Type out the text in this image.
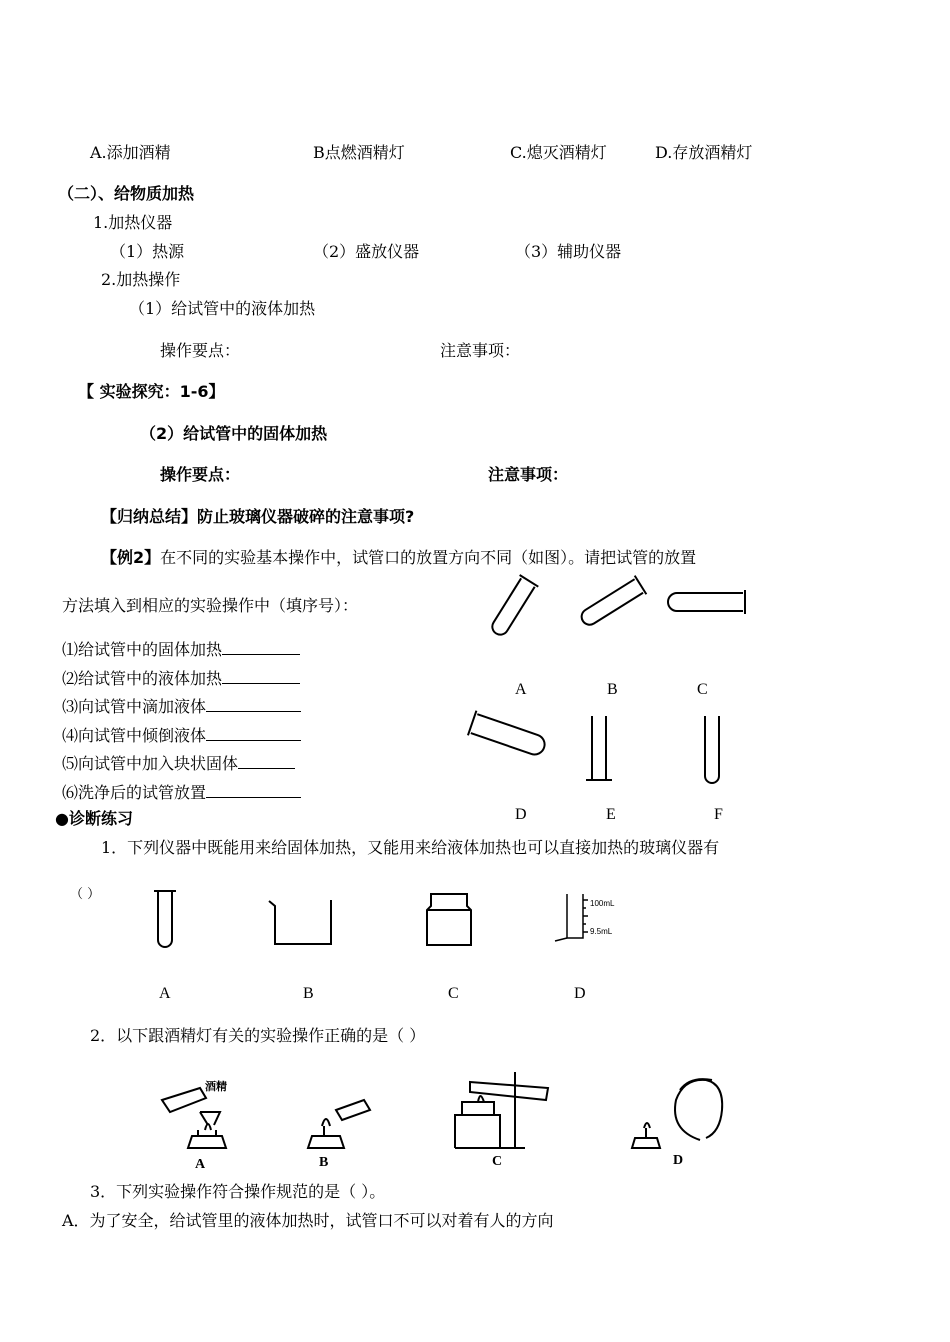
A.添加酒精	B点燃酒精灯	C.熄灭酒精灯	D.存放酒精灯
（二）、给物质加热
1.加热仪器
（1）热源	（2）盛放仪器	（3）辅助仪器
2.加热操作
（1）给试管中的液体加热
操作要点：	注意事项：
【 实验探究：1-6】
（2）给试管中的固体加热
操作要点：	注意事项：
【归纳总结】防止玻璃仪器破碎的注意事项?
【例2】在不同的实验基本操作中，试管口的放置方向不同（如图）。请把试管的放置
方法填入到相应的实验操作中（填序号）：
⑴给试管中的固体加热
⑵给试管中的液体加热
⑶向试管中滴加液体
⑷向试管中倾倒液体
⑸向试管中加入块状固体
⑹洗净后的试管放置
A	B	C
D	E	F
●诊断练习
1．下列仪器中既能用来给固体加热，又能用来给液体加热也可以直接加热的玻璃仪器有
（ ）
100mL
9.5mL
A	B	C	D
2．以下跟酒精灯有关的实验操作正确的是（ ）
酒精
A	B	C	D
3．下列实验操作符合操作规范的是（ ）。
A．为了安全，给试管里的液体加热时，试管口不可以对着有人的方向
